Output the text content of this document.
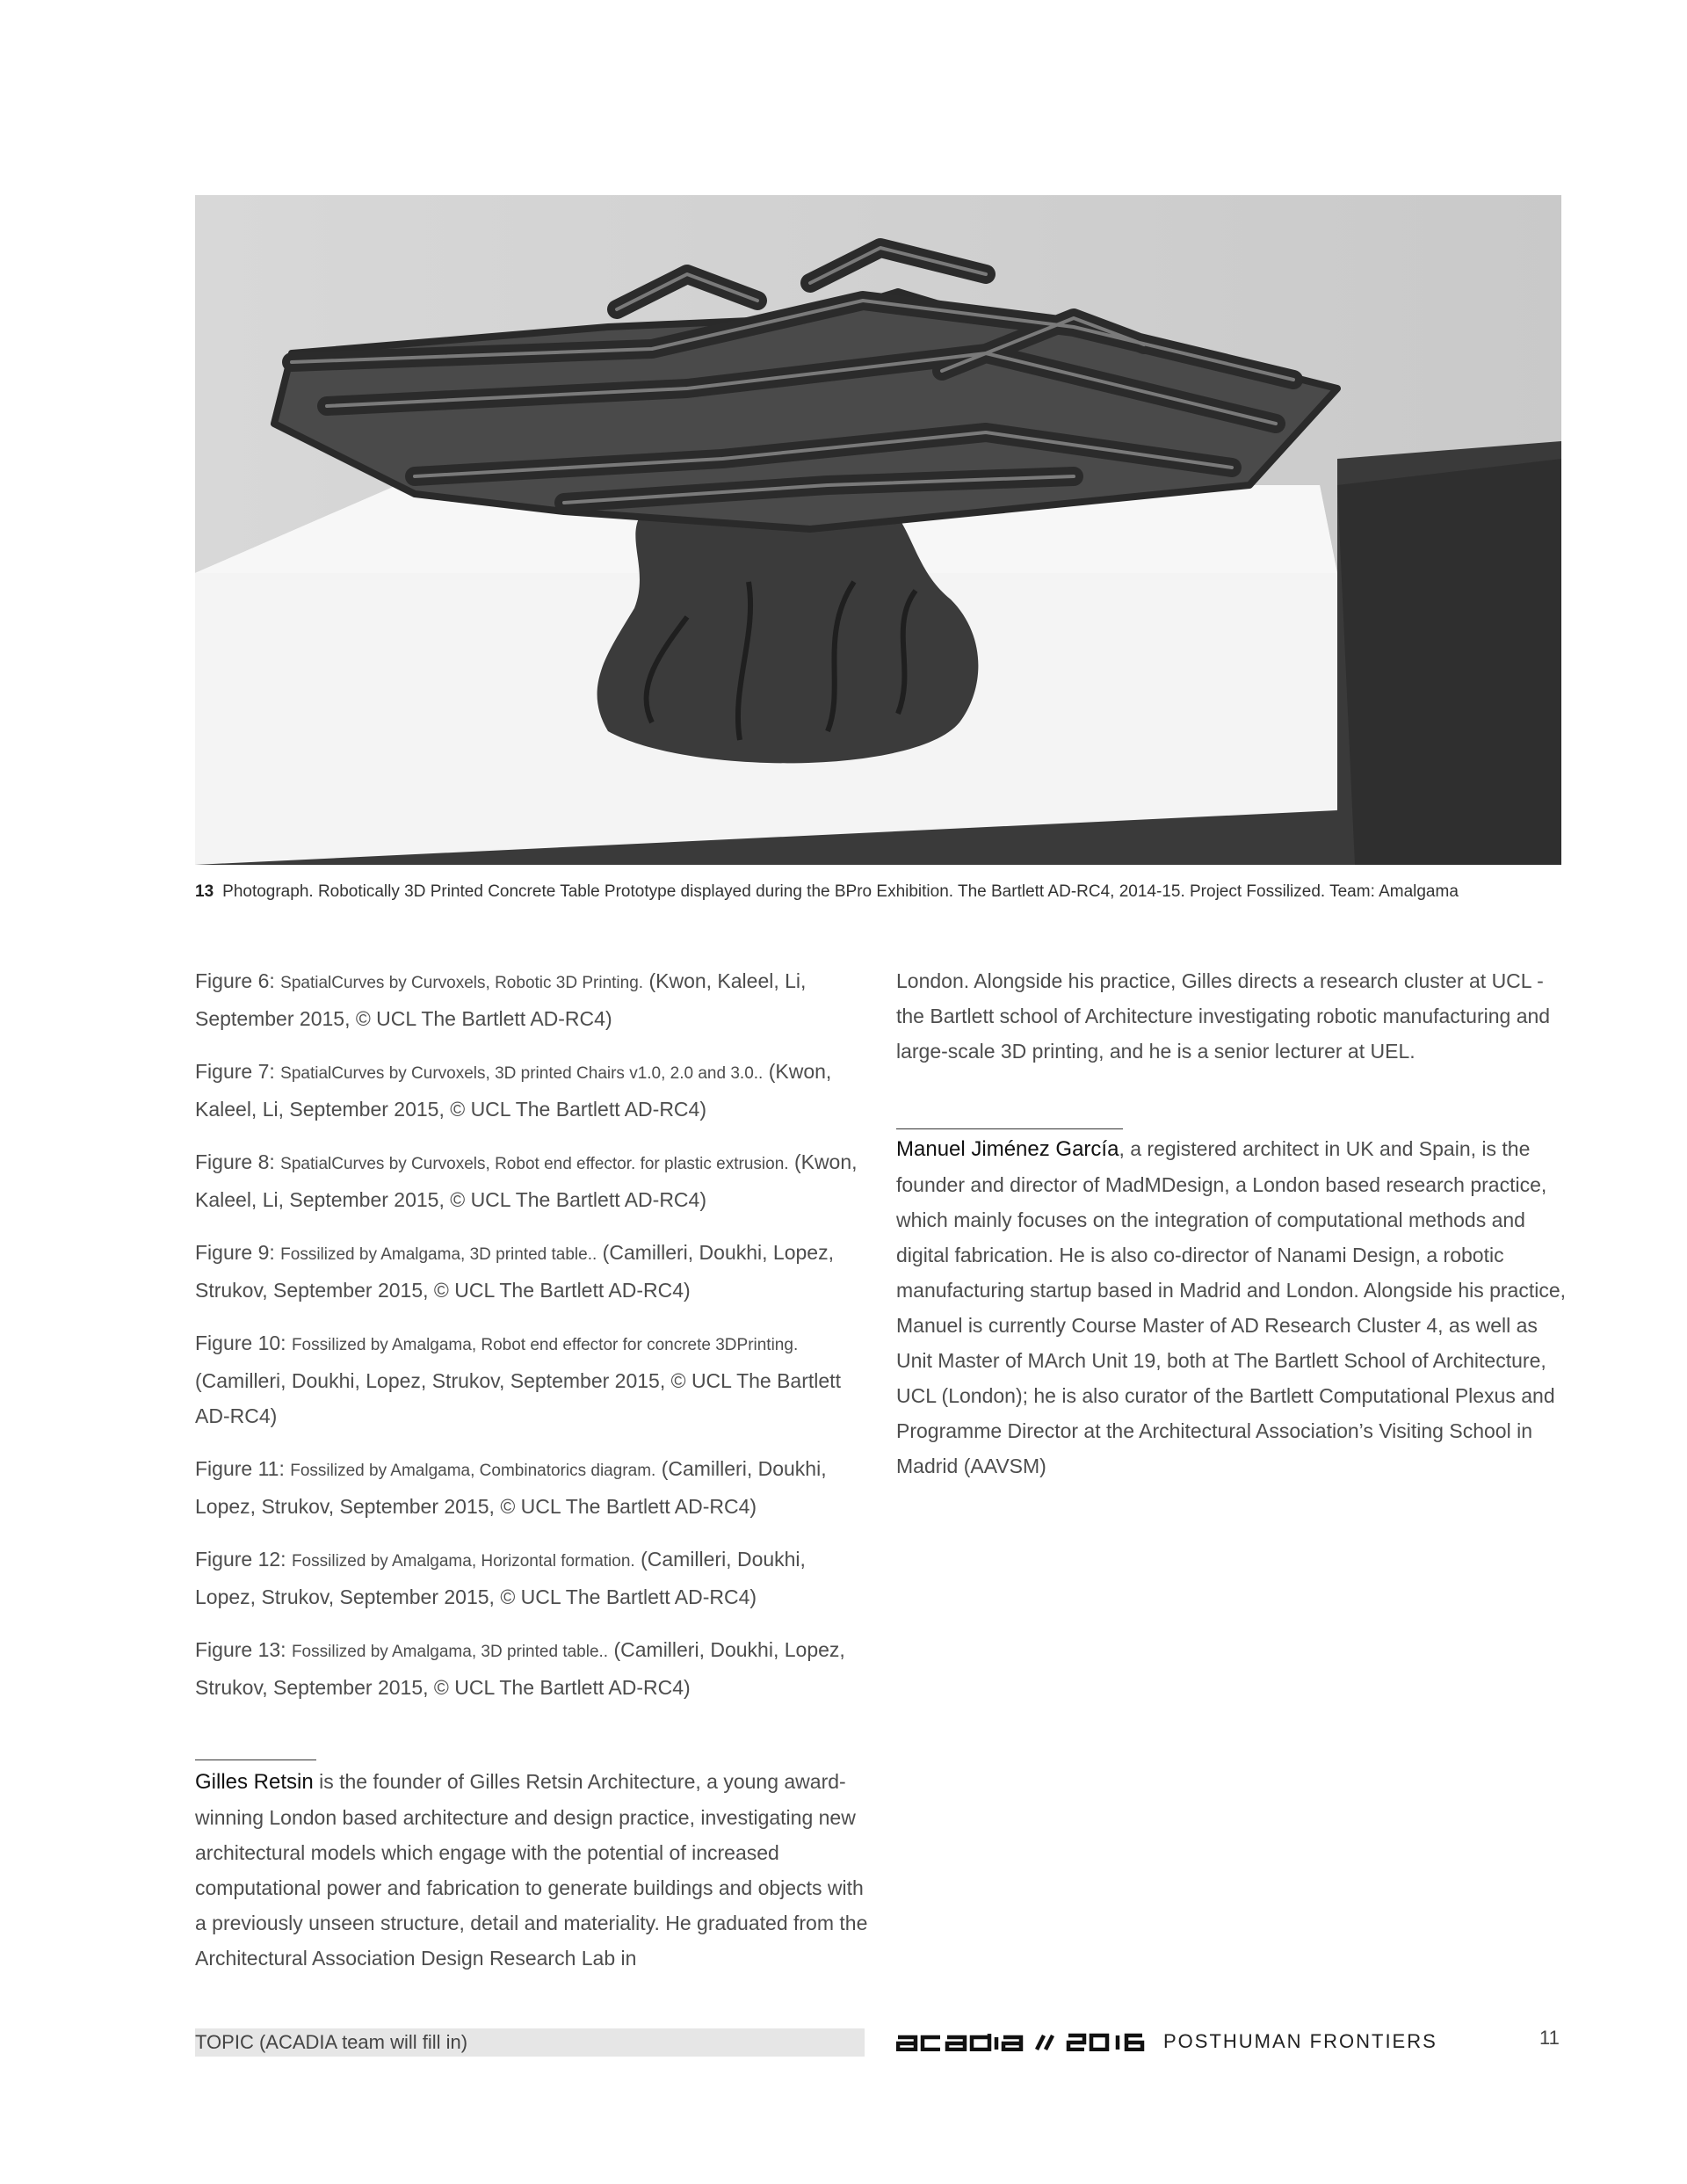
13 Photograph. Robotically 3D Printed Concrete Table Prototype displayed during the BPro Exhibition. The Bartlett AD-RC4, 2014-15. Project Fossilized. Team: Amalgama
Figure 6: SpatialCurves by Curvoxels, Robotic 3D Printing. (Kwon, Kaleel, Li, September 2015, © UCL The Bartlett AD-RC4)
Figure 7: SpatialCurves by Curvoxels, 3D printed Chairs v1.0, 2.0 and 3.0.. (Kwon, Kaleel, Li, September 2015, © UCL The Bartlett AD-RC4)
Figure 8: SpatialCurves by Curvoxels, Robot end effector. for plastic extrusion. (Kwon, Kaleel, Li, September 2015, © UCL The Bartlett AD-RC4)
Figure 9: Fossilized by Amalgama, 3D printed table.. (Camilleri, Doukhi, Lopez, Strukov, September 2015, © UCL The Bartlett AD-RC4)
Figure 10: Fossilized by Amalgama, Robot end effector for concrete 3DPrinting. (Camilleri, Doukhi, Lopez, Strukov, September 2015, © UCL The Bartlett AD-RC4)
Figure 11: Fossilized by Amalgama, Combinatorics diagram. (Camilleri, Doukhi, Lopez, Strukov, September 2015, © UCL The Bartlett AD-RC4)
Figure 12: Fossilized by Amalgama, Horizontal formation. (Camilleri, Doukhi, Lopez, Strukov, September 2015, © UCL The Bartlett AD-RC4)
Figure 13: Fossilized by Amalgama, 3D printed table.. (Camilleri, Doukhi, Lopez, Strukov, September 2015, © UCL The Bartlett AD-RC4)
Gilles Retsin is the founder of Gilles Retsin Architecture, a young award-winning London based architecture and design practice, investigating new architectural models which engage with the potential of increased computational power and fabrication to generate buildings and objects with a previously unseen structure, detail and materiality. He graduated from the Architectural Association Design Research Lab in
London. Alongside his practice, Gilles directs a research cluster at UCL - the Bartlett school of Architecture investigating robotic manufacturing and large-scale 3D printing, and he is a senior lecturer at UEL.
Manuel Jiménez García, a registered architect in UK and Spain, is the founder and director of MadMDesign, a London based research practice, which mainly focuses on the integration of computational methods and digital fabrication. He is also co-director of Nanami Design, a robotic manufacturing startup based in Madrid and London. Alongside his practice, Manuel is currently Course Master of AD Research Cluster 4, as well as Unit Master of MArch Unit 19, both at The Bartlett School of Architecture, UCL (London); he is also curator of the Bartlett Computational Plexus and Programme Director at the Architectural Association’s Visiting School in Madrid (AAVSM)
TOPIC (ACADIA team will fill in)	POSTHUMAN FRONTIERS	11
